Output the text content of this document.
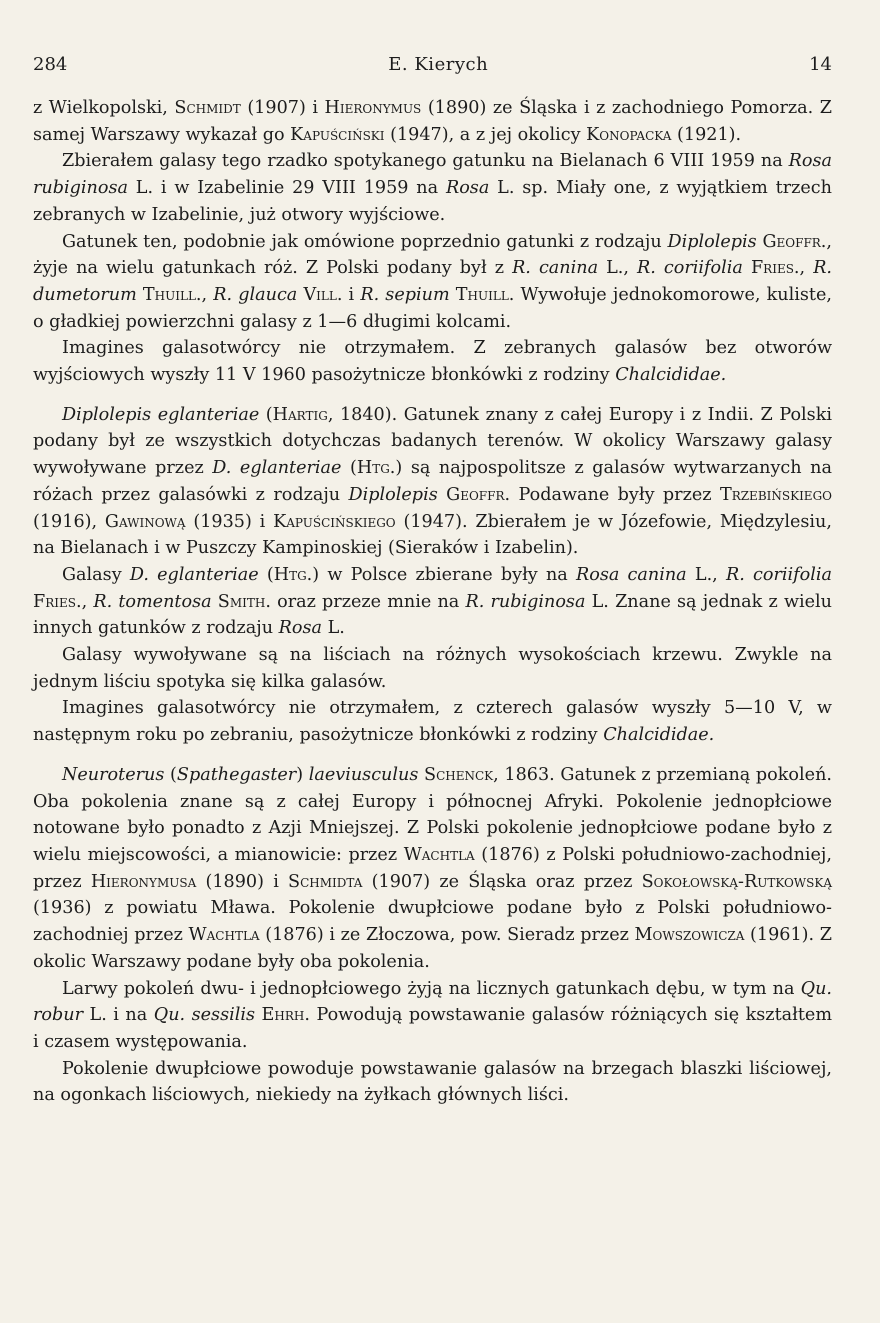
284	E. Kierych	14

z Wielkopolski, Schmidt (1907) i Hieronymus (1890) ze Śląska i z zachodniego Pomorza. Z samej Warszawy wykazał go Kapuściński (1947), a z jej okolicy Konopacka (1921).

Zbierałem galasy tego rzadko spotykanego gatunku na Bielanach 6 VIII 1959 na Rosa rubiginosa L. i w Izabelinie 29 VIII 1959 na Rosa L. sp. Miały one, z wyjątkiem trzech zebranych w Izabelinie, już otwory wyjściowe.

Gatunek ten, podobnie jak omówione poprzednio gatunki z rodzaju Diplolepis Geoffr., żyje na wielu gatunkach róż. Z Polski podany był z R. canina L., R. coriifolia Fries., R. dumetorum Thuill., R. glauca Vill. i R. sepium Thuill. Wywołuje jednokomorowe, kuliste, o gładkiej powierzchni galasy z 1—6 długimi kolcami.

Imagines galasotwórcy nie otrzymałem. Z zebranych galasów bez otworów wyjściowych wyszły 11 V 1960 pasożytnicze błonkówki z rodziny Chalcididae.

Diplolepis eglanteriae (Hartig, 1840). Gatunek znany z całej Europy i z Indii. Z Polski podany był ze wszystkich dotychczas badanych terenów. W okolicy Warszawy galasy wywoływane przez D. eglanteriae (Htg.) są najpospolitsze z galasów wytwarzanych na różach przez galasówki z rodzaju Diplolepis Geoffr. Podawane były przez Trzebińskiego (1916), Gawinową (1935) i Kapuścińskiego (1947). Zbierałem je w Józefowie, Międzylesiu, na Bielanach i w Puszczy Kampinoskiej (Sieraków i Izabelin).

Galasy D. eglanteriae (Htg.) w Polsce zbierane były na Rosa canina L., R. coriifolia Fries., R. tomentosa Smith. oraz przeze mnie na R. rubiginosa L. Znane są jednak z wielu innych gatunków z rodzaju Rosa L.

Galasy wywoływane są na liściach na różnych wysokościach krzewu. Zwykle na jednym liściu spotyka się kilka galasów.

Imagines galasotwórcy nie otrzymałem, z czterech galasów wyszły 5—10 V, w następnym roku po zebraniu, pasożytnicze błonkówki z rodziny Chalcididae.

Neuroterus (Spathegaster) laeviusculus Schenck, 1863. Gatunek z przemianą pokoleń. Oba pokolenia znane są z całej Europy i północnej Afryki. Pokolenie jednopłciowe notowane było ponadto z Azji Mniejszej. Z Polski pokolenie jednopłciowe podane było z wielu miejscowości, a mianowicie: przez Wachtla (1876) z Polski południowo-zachodniej, przez Hieronymusa (1890) i Schmidta (1907) ze Śląska oraz przez Sokołowską-Rutkowską (1936) z powiatu Mława. Pokolenie dwupłciowe podane było z Polski południowo-zachodniej przez Wachtla (1876) i ze Złoczowa, pow. Sieradz przez Mowszowicza (1961). Z okolic Warszawy podane były oba pokolenia.

Larwy pokoleń dwu- i jednopłciowego żyją na licznych gatunkach dębu, w tym na Qu. robur L. i na Qu. sessilis Ehrh. Powodują powstawanie galasów różniących się kształtem i czasem występowania.

Pokolenie dwupłciowe powoduje powstawanie galasów na brzegach blaszki liściowej, na ogonkach liściowych, niekiedy na żyłkach głównych liści.
